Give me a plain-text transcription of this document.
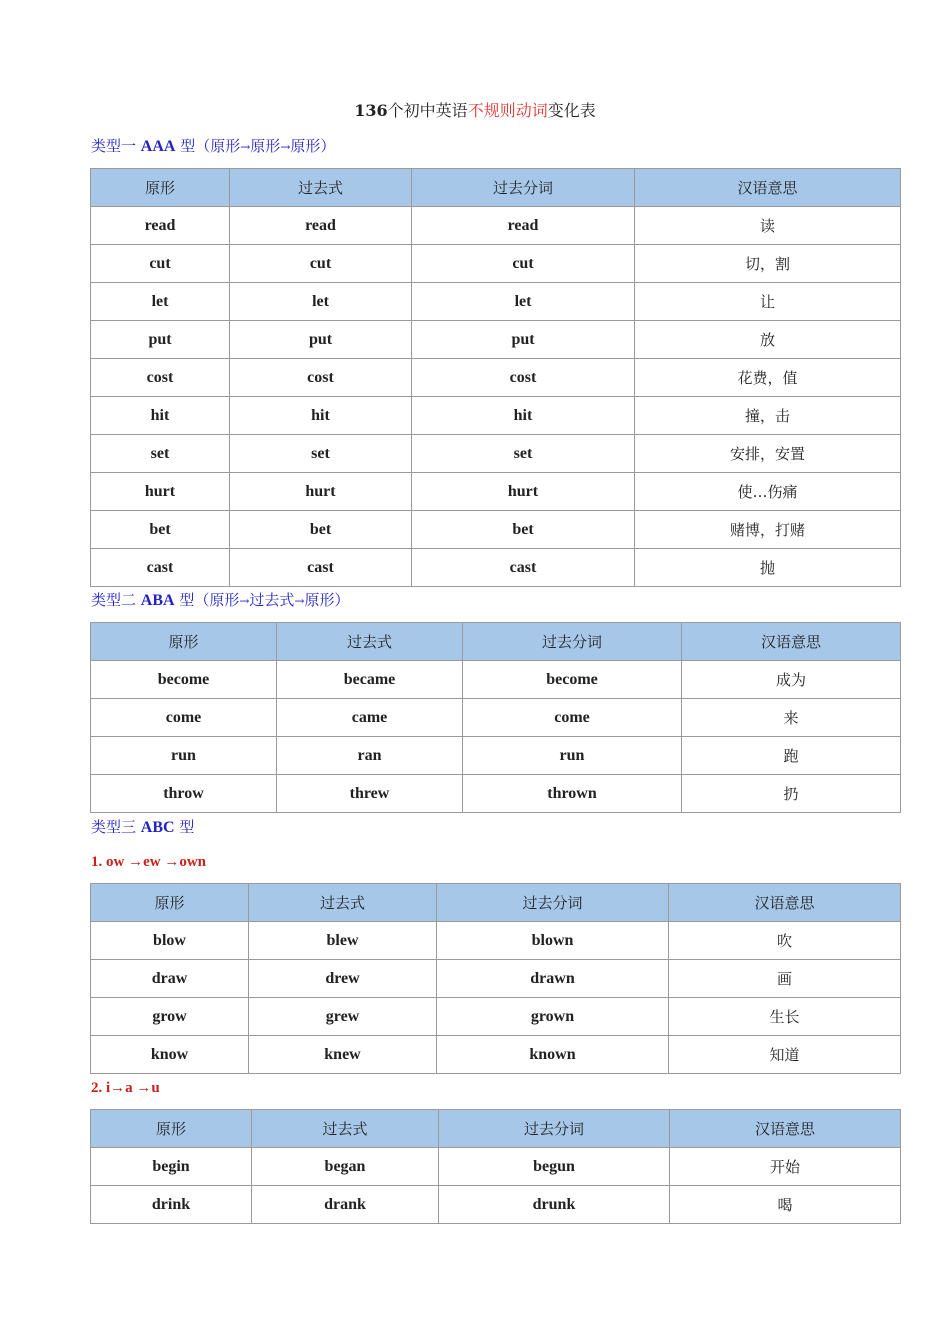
136个初中英语不规则动词变化表
类型一 AAA 型（原形→原形→原形）
原形	过去式	过去分词	汉语意思
read	read	read	读
cut	cut	cut	切，割
let	let	let	让
put	put	put	放
cost	cost	cost	花费，值
hit	hit	hit	撞，击
set	set	set	安排，安置
hurt	hurt	hurt	使…伤痛
bet	bet	bet	赌博，打赌
cast	cast	cast	抛
类型二 ABA 型（原形→过去式→原形）
原形	过去式	过去分词	汉语意思
become	became	become	成为
come	came	come	来
run	ran	run	跑
throw	threw	thrown	扔
类型三 ABC 型
1. ow →ew →own
原形	过去式	过去分词	汉语意思
blow	blew	blown	吹
draw	drew	drawn	画
grow	grew	grown	生长
know	knew	known	知道
2. i→a →u
原形	过去式	过去分词	汉语意思
begin	began	begun	开始
drink	drank	drunk	喝
